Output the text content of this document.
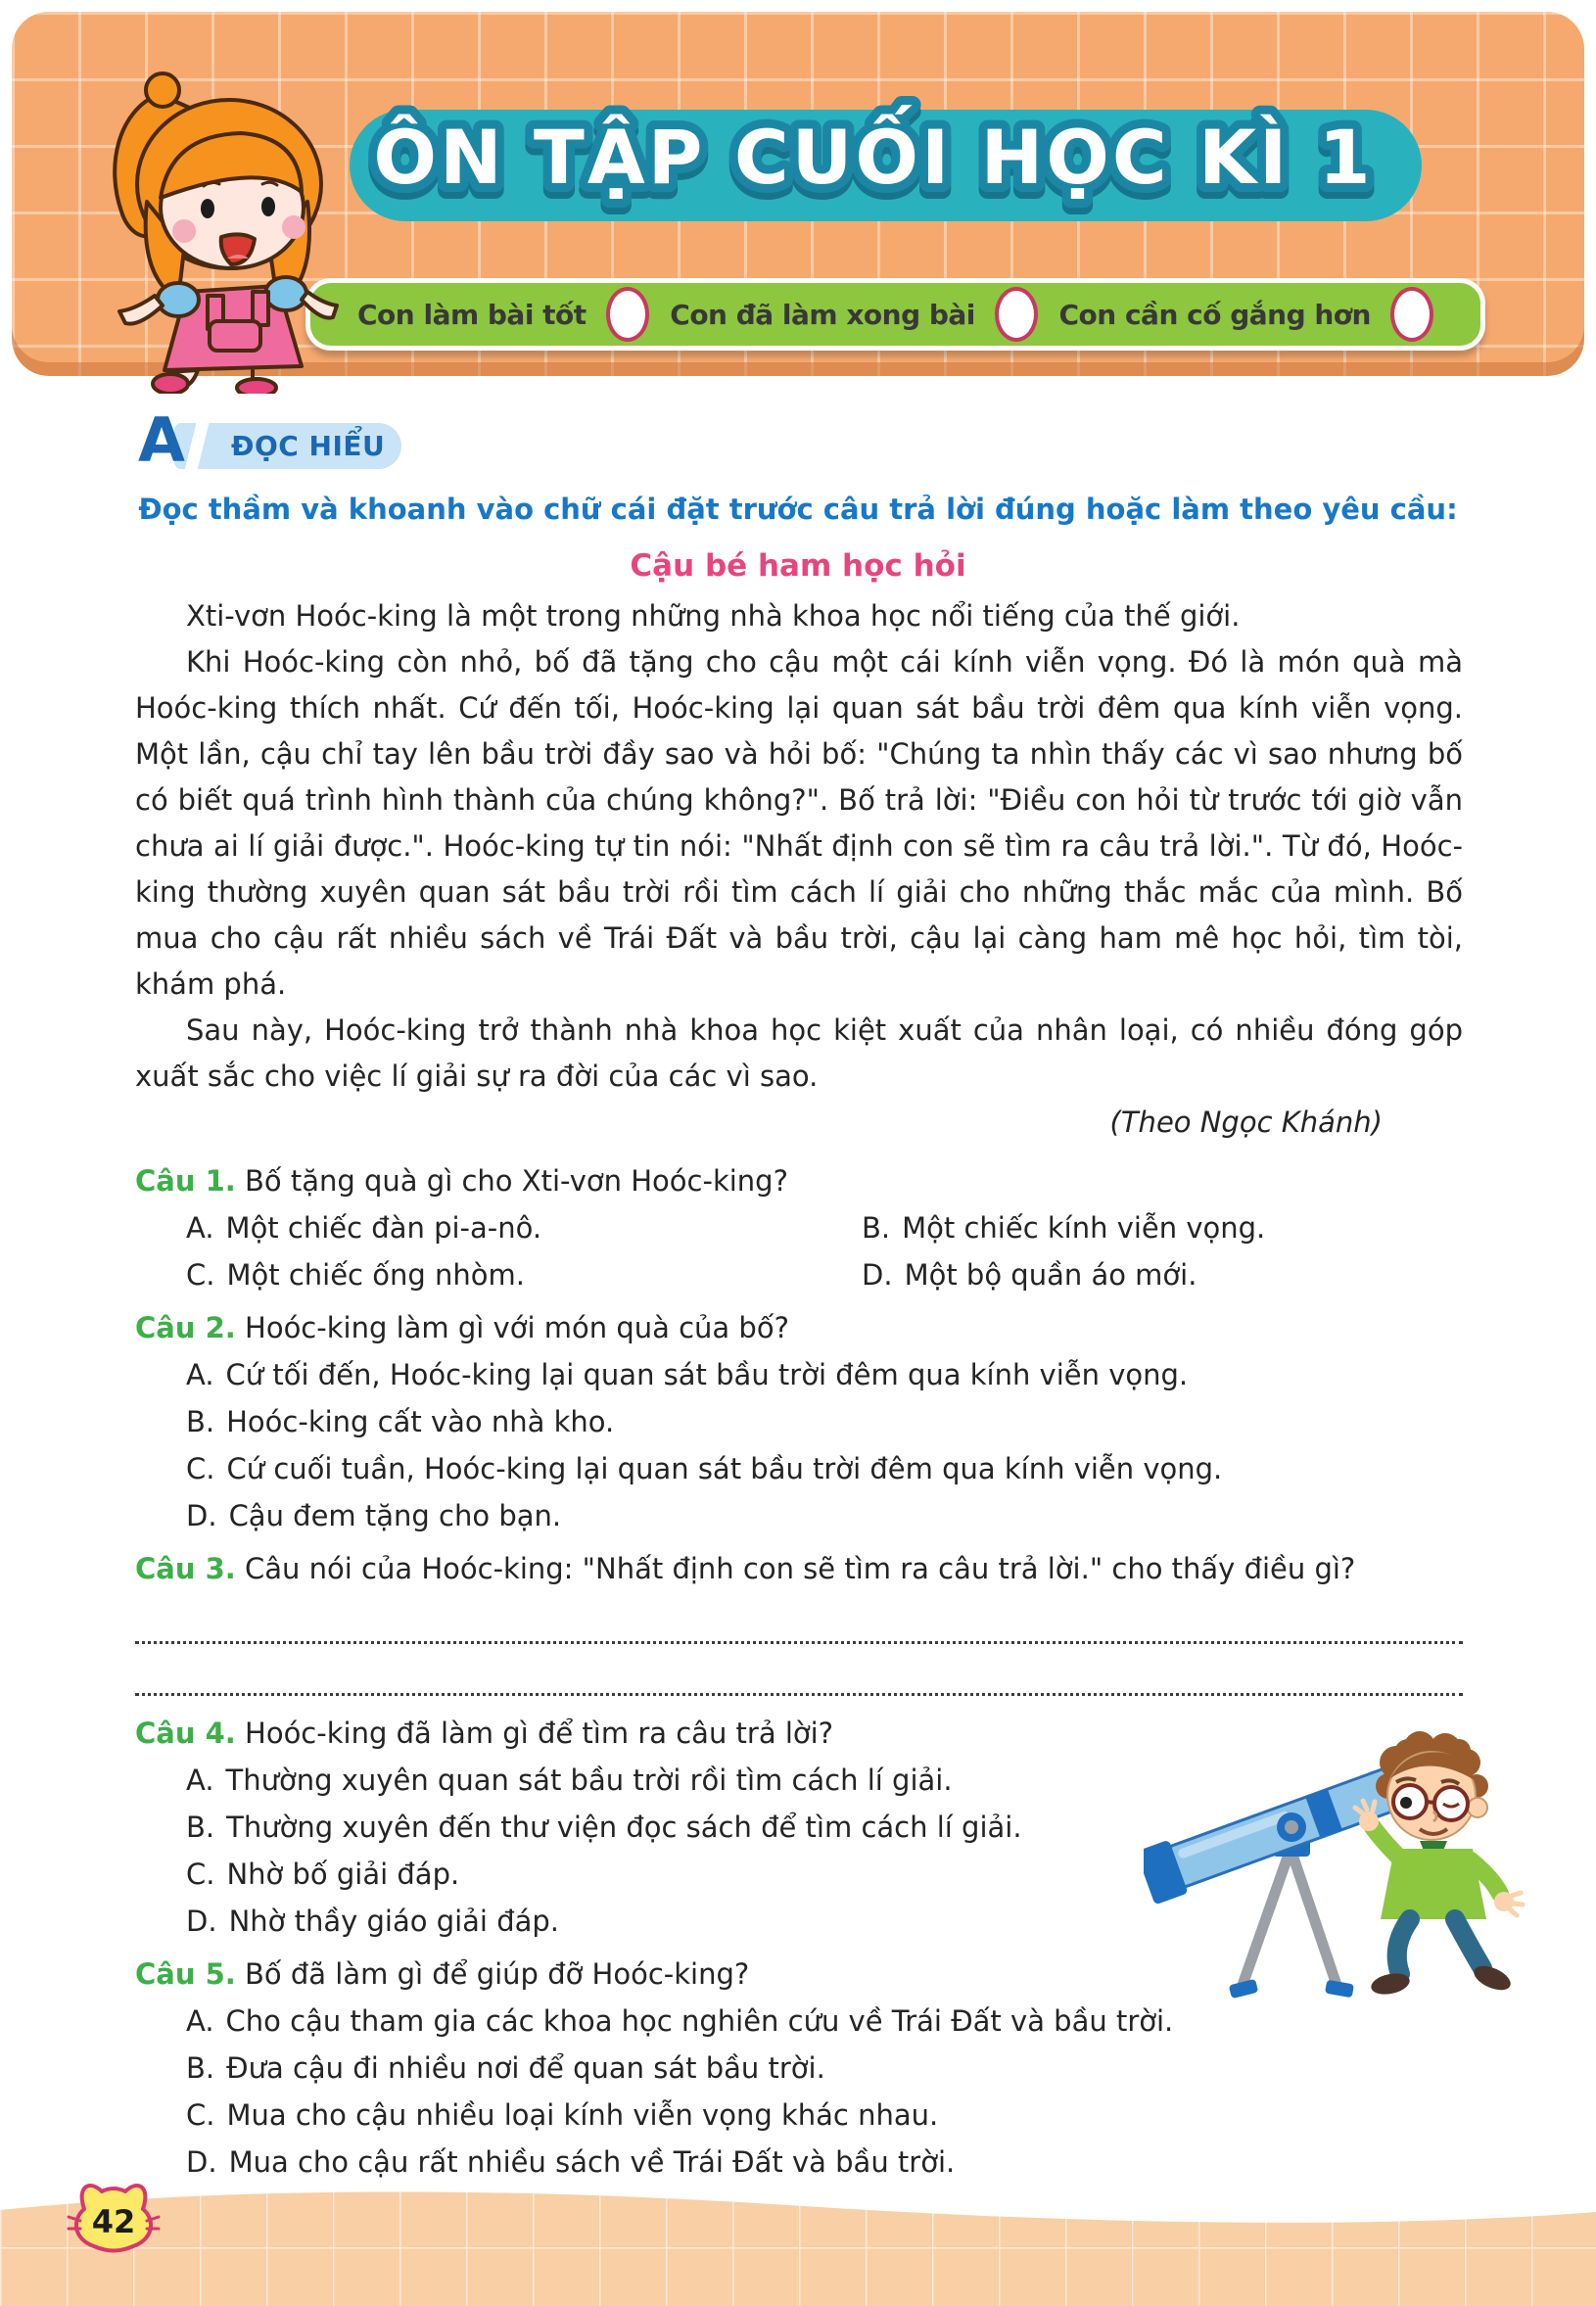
Con làm bài tốt	Con đã làm xong bài	Con cần cố gắng hơn
ÔN TẬP CUỐI HỌC KÌ 1
ĐỌC HIỂU
A
Đọc thầm và khoanh vào chữ cái đặt trước câu trả lời đúng hoặc làm theo yêu cầu:
Cậu bé ham học hỏi

Xti-vơn Hoóc-king là một trong những nhà khoa học nổi tiếng của thế giới.

Khi Hoóc-king còn nhỏ, bố đã tặng cho cậu một cái kính viễn vọng. Đó là món quà mà Hoóc-king thích nhất. Cứ đến tối, Hoóc-king lại quan sát bầu trời đêm qua kính viễn vọng. Một lần, cậu chỉ tay lên bầu trời đầy sao và hỏi bố: "Chúng ta nhìn thấy các vì sao nhưng bố có biết quá trình hình thành của chúng không?". Bố trả lời: "Điều con hỏi từ trước tới giờ vẫn chưa ai lí giải được.". Hoóc-king tự tin nói: "Nhất định con sẽ tìm ra câu trả lời.". Từ đó, Hoóc-king thường xuyên quan sát bầu trời rồi tìm cách lí giải cho những thắc mắc của mình. Bố mua cho cậu rất nhiều sách về Trái Đất và bầu trời, cậu lại càng ham mê học hỏi, tìm tòi, khám phá.

Sau này, Hoóc-king trở thành nhà khoa học kiệt xuất của nhân loại, có nhiều đóng góp xuất sắc cho việc lí giải sự ra đời của các vì sao.

(Theo Ngọc Khánh)

Câu 1. Bố tặng quà gì cho Xti-vơn Hoóc-king?
A. Một chiếc đàn pi-a-nô.	B. Một chiếc kính viễn vọng.
C. Một chiếc ống nhòm.	D. Một bộ quần áo mới.
Câu 2. Hoóc-king làm gì với món quà của bố?
A. Cứ tối đến, Hoóc-king lại quan sát bầu trời đêm qua kính viễn vọng.
B. Hoóc-king cất vào nhà kho.
C. Cứ cuối tuần, Hoóc-king lại quan sát bầu trời đêm qua kính viễn vọng.
D. Cậu đem tặng cho bạn.
Câu 3. Câu nói của Hoóc-king: "Nhất định con sẽ tìm ra câu trả lời." cho thấy điều gì?
Câu 4. Hoóc-king đã làm gì để tìm ra câu trả lời?
A. Thường xuyên quan sát bầu trời rồi tìm cách lí giải.
B. Thường xuyên đến thư viện đọc sách để tìm cách lí giải.
C. Nhờ bố giải đáp.
D. Nhờ thầy giáo giải đáp.
Câu 5. Bố đã làm gì để giúp đỡ Hoóc-king?
A. Cho cậu tham gia các khoa học nghiên cứu về Trái Đất và bầu trời.
B. Đưa cậu đi nhiều nơi để quan sát bầu trời.
C. Mua cho cậu nhiều loại kính viễn vọng khác nhau.
D. Mua cho cậu rất nhiều sách về Trái Đất và bầu trời.
42
